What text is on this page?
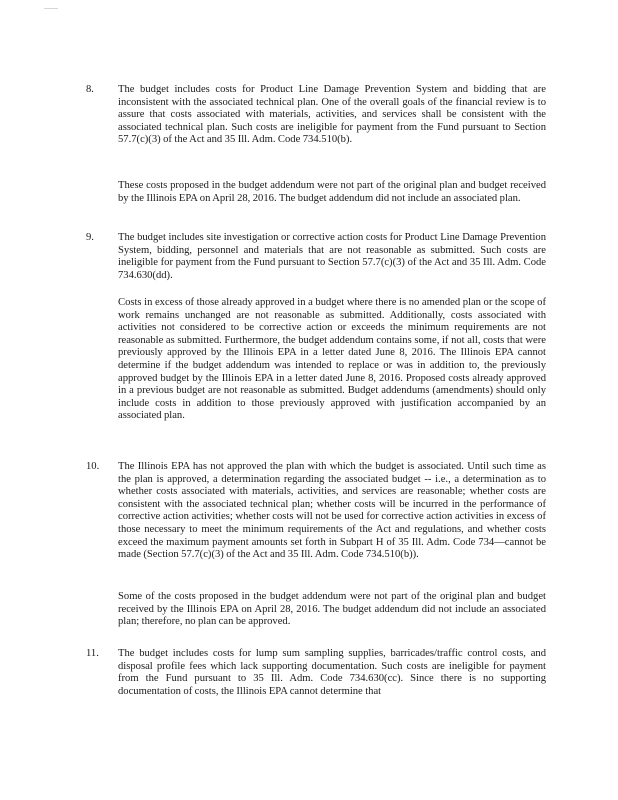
8. The budget includes costs for Product Line Damage Prevention System and bidding that are inconsistent with the associated technical plan. One of the overall goals of the financial review is to assure that costs associated with materials, activities, and services shall be consistent with the associated technical plan. Such costs are ineligible for payment from the Fund pursuant to Section 57.7(c)(3) of the Act and 35 Ill. Adm. Code 734.510(b).

These costs proposed in the budget addendum were not part of the original plan and budget received by the Illinois EPA on April 28, 2016. The budget addendum did not include an associated plan.

9. The budget includes site investigation or corrective action costs for Product Line Damage Prevention System, bidding, personnel and materials that are not reasonable as submitted. Such costs are ineligible for payment from the Fund pursuant to Section 57.7(c)(3) of the Act and 35 Ill. Adm. Code 734.630(dd).

Costs in excess of those already approved in a budget where there is no amended plan or the scope of work remains unchanged are not reasonable as submitted. Additionally, costs associated with activities not considered to be corrective action or exceeds the minimum requirements are not reasonable as submitted. Furthermore, the budget addendum contains some, if not all, costs that were previously approved by the Illinois EPA in a letter dated June 8, 2016. The Illinois EPA cannot determine if the budget addendum was intended to replace or was in addition to, the previously approved budget by the Illinois EPA in a letter dated June 8, 2016. Proposed costs already approved in a previous budget are not reasonable as submitted. Budget addendums (amendments) should only include costs in addition to those previously approved with justification accompanied by an associated plan.

10. The Illinois EPA has not approved the plan with which the budget is associated. Until such time as the plan is approved, a determination regarding the associated budget -- i.e., a determination as to whether costs associated with materials, activities, and services are reasonable; whether costs are consistent with the associated technical plan; whether costs will be incurred in the performance of corrective action activities; whether costs will not be used for corrective action activities in excess of those necessary to meet the minimum requirements of the Act and regulations, and whether costs exceed the maximum payment amounts set forth in Subpart H of 35 Ill. Adm. Code 734—cannot be made (Section 57.7(c)(3) of the Act and 35 Ill. Adm. Code 734.510(b)).

Some of the costs proposed in the budget addendum were not part of the original plan and budget received by the Illinois EPA on April 28, 2016. The budget addendum did not include an associated plan; therefore, no plan can be approved.

11. The budget includes costs for lump sum sampling supplies, barricades/traffic control costs, and disposal profile fees which lack supporting documentation. Such costs are ineligible for payment from the Fund pursuant to 35 Ill. Adm. Code 734.630(cc). Since there is no supporting documentation of costs, the Illinois EPA cannot determine that
